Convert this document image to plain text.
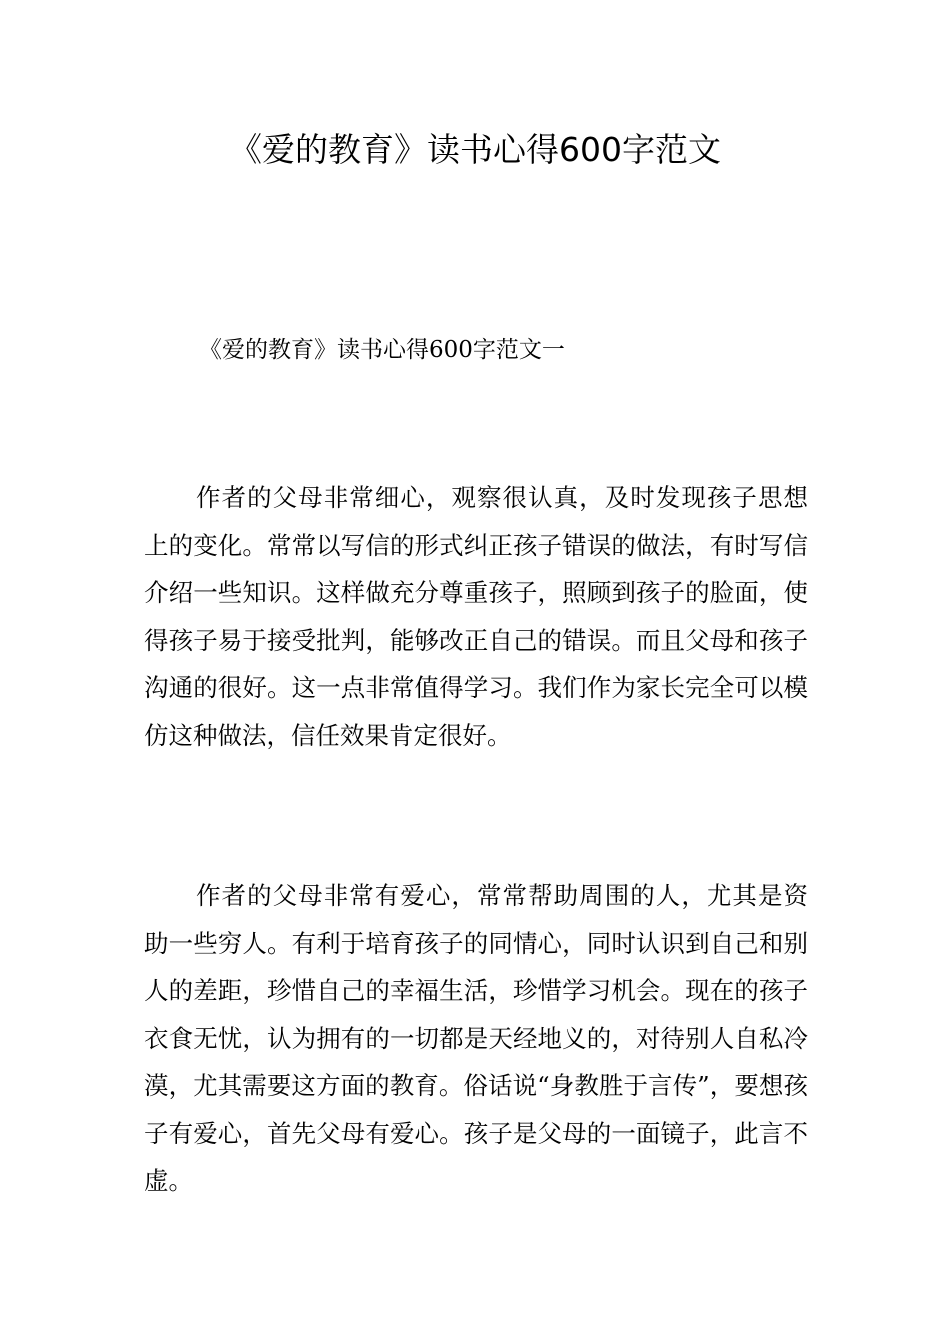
《爱的教育》读书心得600字范文

《爱的教育》读书心得600字范文一

作者的父母非常细心，观察很认真，及时发现孩子思想上的变化。常常以写信的形式纠正孩子错误的做法，有时写信介绍一些知识。这样做充分尊重孩子，照顾到孩子的脸面，使得孩子易于接受批判，能够改正自己的错误。而且父母和孩子沟通的很好。这一点非常值得学习。我们作为家长完全可以模仿这种做法，信任效果肯定很好。

作者的父母非常有爱心，常常帮助周围的人，尤其是资助一些穷人。有利于培育孩子的同情心，同时认识到自己和别人的差距，珍惜自己的幸福生活，珍惜学习机会。现在的孩子衣食无忧，认为拥有的一切都是天经地义的，对待别人自私冷漠，尤其需要这方面的教育。俗话说“身教胜于言传”，要想孩子有爱心，首先父母有爱心。孩子是父母的一面镜子，此言不虚。
